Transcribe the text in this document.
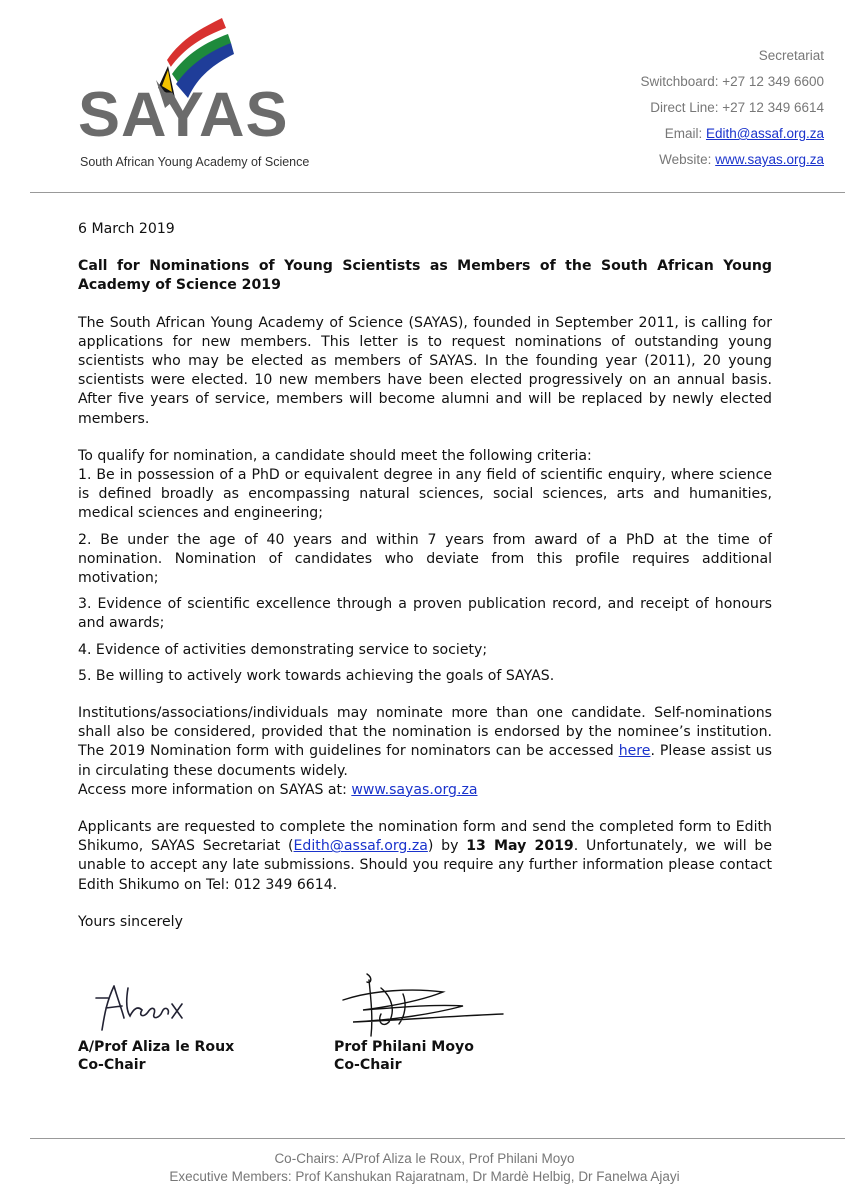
SAYAS
South African Young Academy of Science
Secretariat
Switchboard: +27 12 349 6600
Direct Line: +27 12 349 6614
Email: Edith@assaf.org.za
Website: www.sayas.org.za

6 March 2019

Call for Nominations of Young Scientists as Members of the South African Young Academy of Science 2019

The South African Young Academy of Science (SAYAS), founded in September 2011, is calling for applications for new members. This letter is to request nominations of outstanding young scientists who may be elected as members of SAYAS. In the founding year (2011), 20 young scientists were elected. 10 new members have been elected progressively on an annual basis. After five years of service, members will become alumni and will be replaced by newly elected members.

To qualify for nomination, a candidate should meet the following criteria:

1. Be in possession of a PhD or equivalent degree in any field of scientific enquiry, where science is defined broadly as encompassing natural sciences, social sciences, arts and humanities, medical sciences and engineering;

2. Be under the age of 40 years and within 7 years from award of a PhD at the time of nomination. Nomination of candidates who deviate from this profile requires additional motivation;

3. Evidence of scientific excellence through a proven publication record, and receipt of honours and awards;

4. Evidence of activities demonstrating service to society;

5. Be willing to actively work towards achieving the goals of SAYAS.

Institutions/associations/individuals may nominate more than one candidate. Self-nominations shall also be considered, provided that the nomination is endorsed by the nominee’s institution. The 2019 Nomination form with guidelines for nominators can be accessed here. Please assist us in circulating these documents widely.

Access more information on SAYAS at: www.sayas.org.za

Applicants are requested to complete the nomination form and send the completed form to Edith Shikumo, SAYAS Secretariat (Edith@assaf.org.za) by 13 May 2019. Unfortunately, we will be unable to accept any late submissions. Should you require any further information please contact Edith Shikumo on Tel: 012 349 6614.

Yours sincerely

A/Prof Aliza le Roux
Co-Chair
Prof Philani Moyo
Co-Chair
Co-Chairs: A/Prof Aliza le Roux, Prof Philani Moyo
Executive Members: Prof Kanshukan Rajaratnam, Dr Mardè Helbig, Dr Fanelwa Ajayi
